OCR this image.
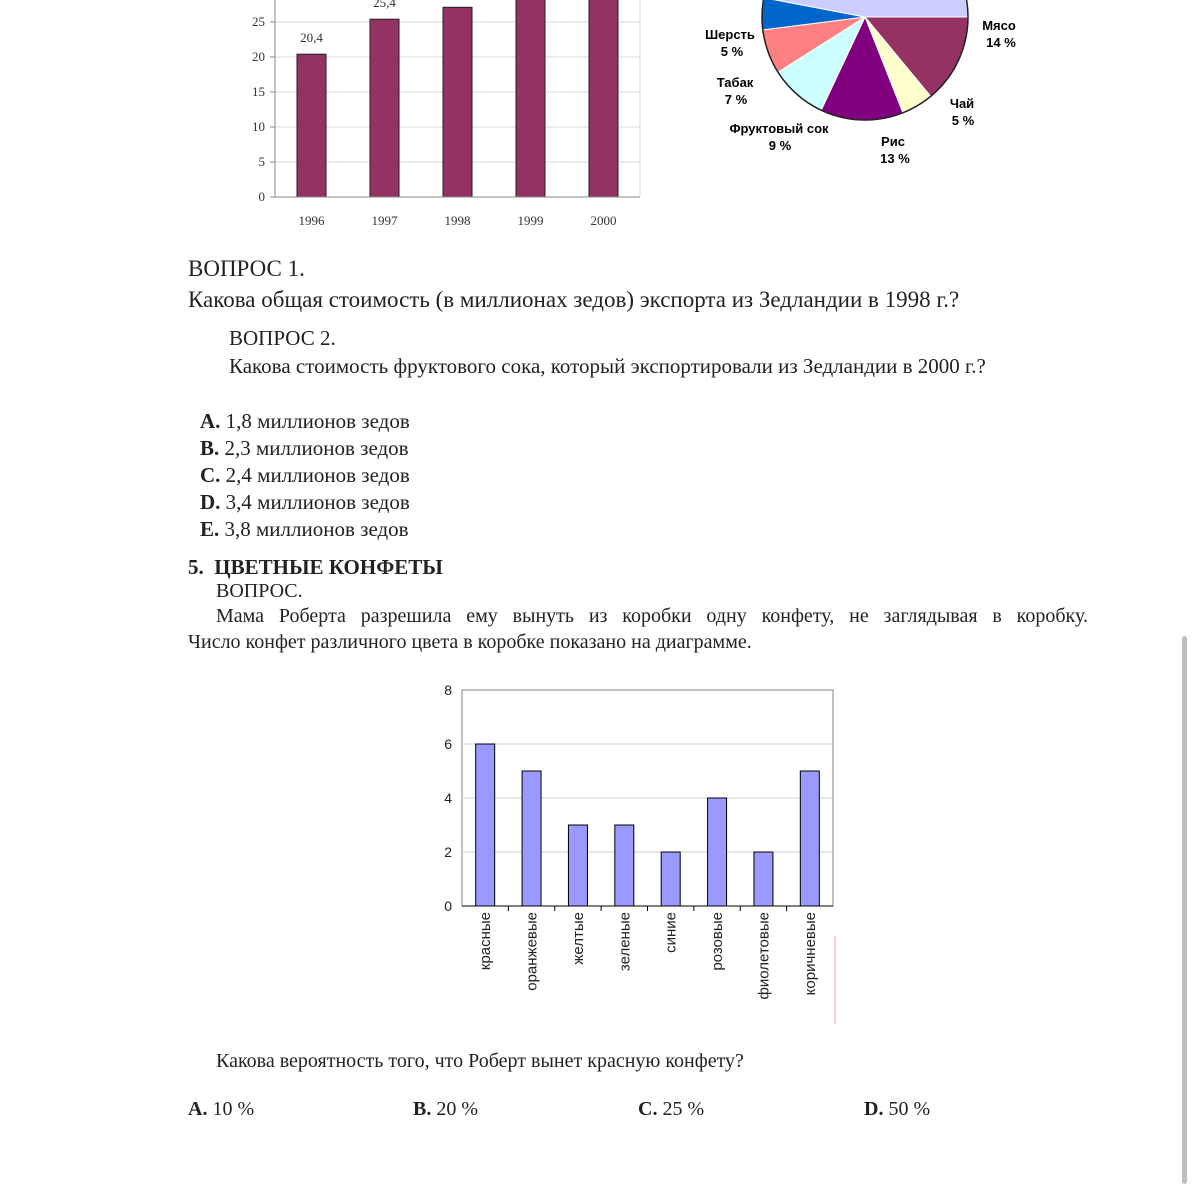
20,4
25,4
0
5
10
15
20
25
1996	1997	1998	1999	2000
Мясо
14 %
Чай
5 %
Рис
13 %
Фруктовый сок
9 %
Табак
7 %
Шерсть
5 %
ВОПРОС 1.
Какова общая стоимость (в миллионах зедов) экспорта из Зедландии в 1998 г.?
ВОПРОС 2.
Какова стоимость фруктового сока, который экспортировали из Зедландии в 2000 г.?
A. 1,8 миллионов зедов
B. 2,3 миллионов зедов
C. 2,4 миллионов зедов
D. 3,4 миллионов зедов
E. 3,8 миллионов зедов
5.  ЦВЕТНЫЕ КОНФЕТЫ
ВОПРОС.
Мама Роберта разрешила ему вынуть из коробки одну конфету, не заглядывая в коробку.
Число конфет различного цвета в коробке показано на диаграмме.
0
2
4
6
8
красные оранжевые желтые зеленые синие розовые фиолетовые коричневые
Какова вероятность того, что Роберт вынет красную конфету?
A. 10 %	B. 20 %	C. 25 %	D. 50 %
